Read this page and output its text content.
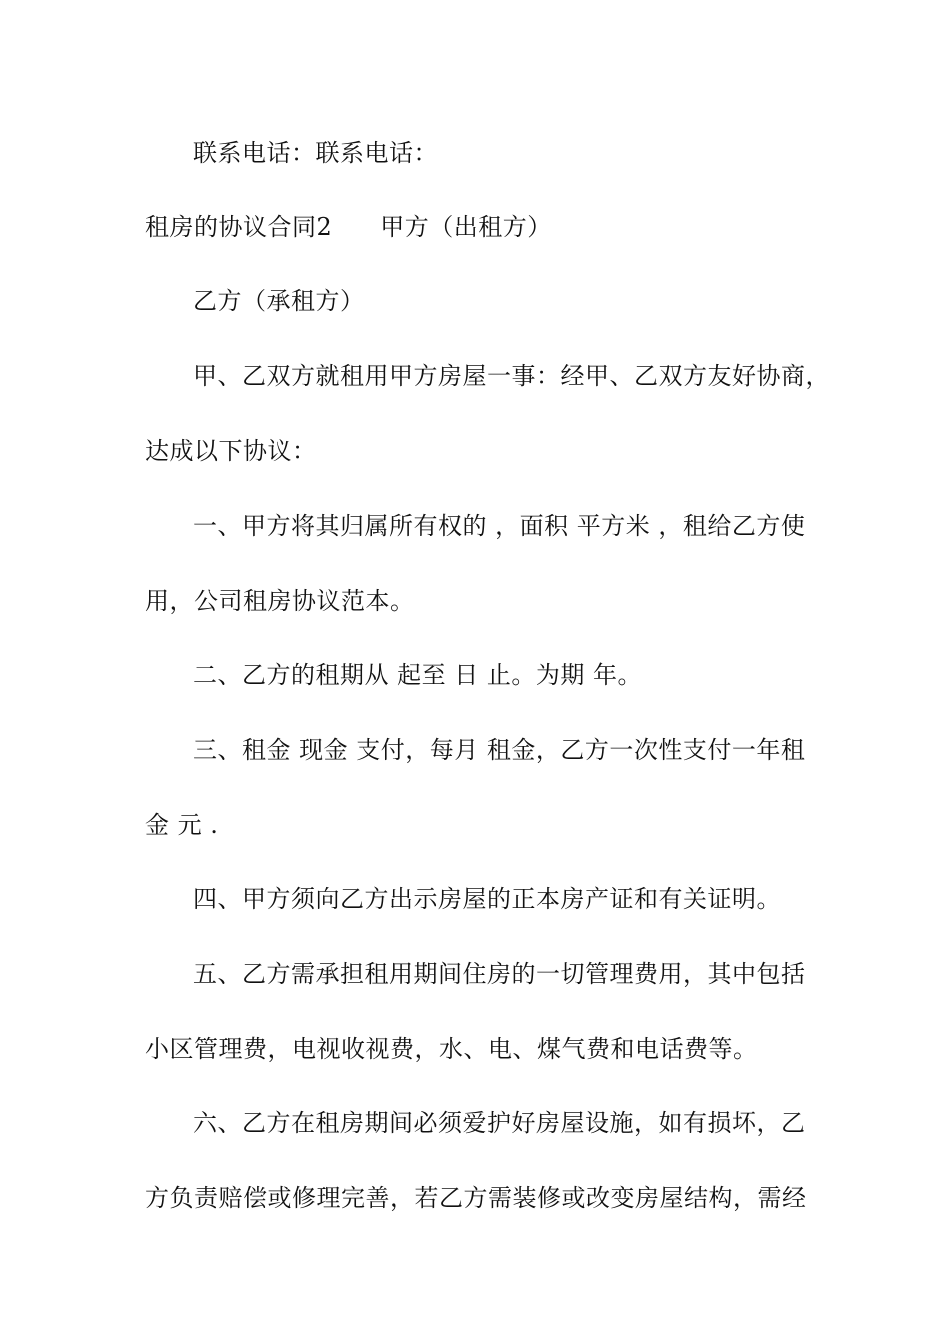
联系电话：联系电话：
租房的协议合同2 甲方（出租方）
乙方（承租方）
甲、乙双方就租用甲方房屋一事：经甲、乙双方友好协商，
达成以下协议：
一、甲方将其归属所有权的 ，面积 平方米 ，租给乙方使
用，公司租房协议范本。
二、乙方的租期从 起至 日 止。为期 年。
三、租金 现金 支付，每月 租金，乙方一次性支付一年租
金 元 .
四、甲方须向乙方出示房屋的正本房产证和有关证明。
五、乙方需承担租用期间住房的一切管理费用，其中包括
小区管理费，电视收视费，水、电、煤气费和电话费等。
六、乙方在租房期间必须爱护好房屋设施，如有损坏，乙
方负责赔偿或修理完善，若乙方需装修或改变房屋结构，需经
